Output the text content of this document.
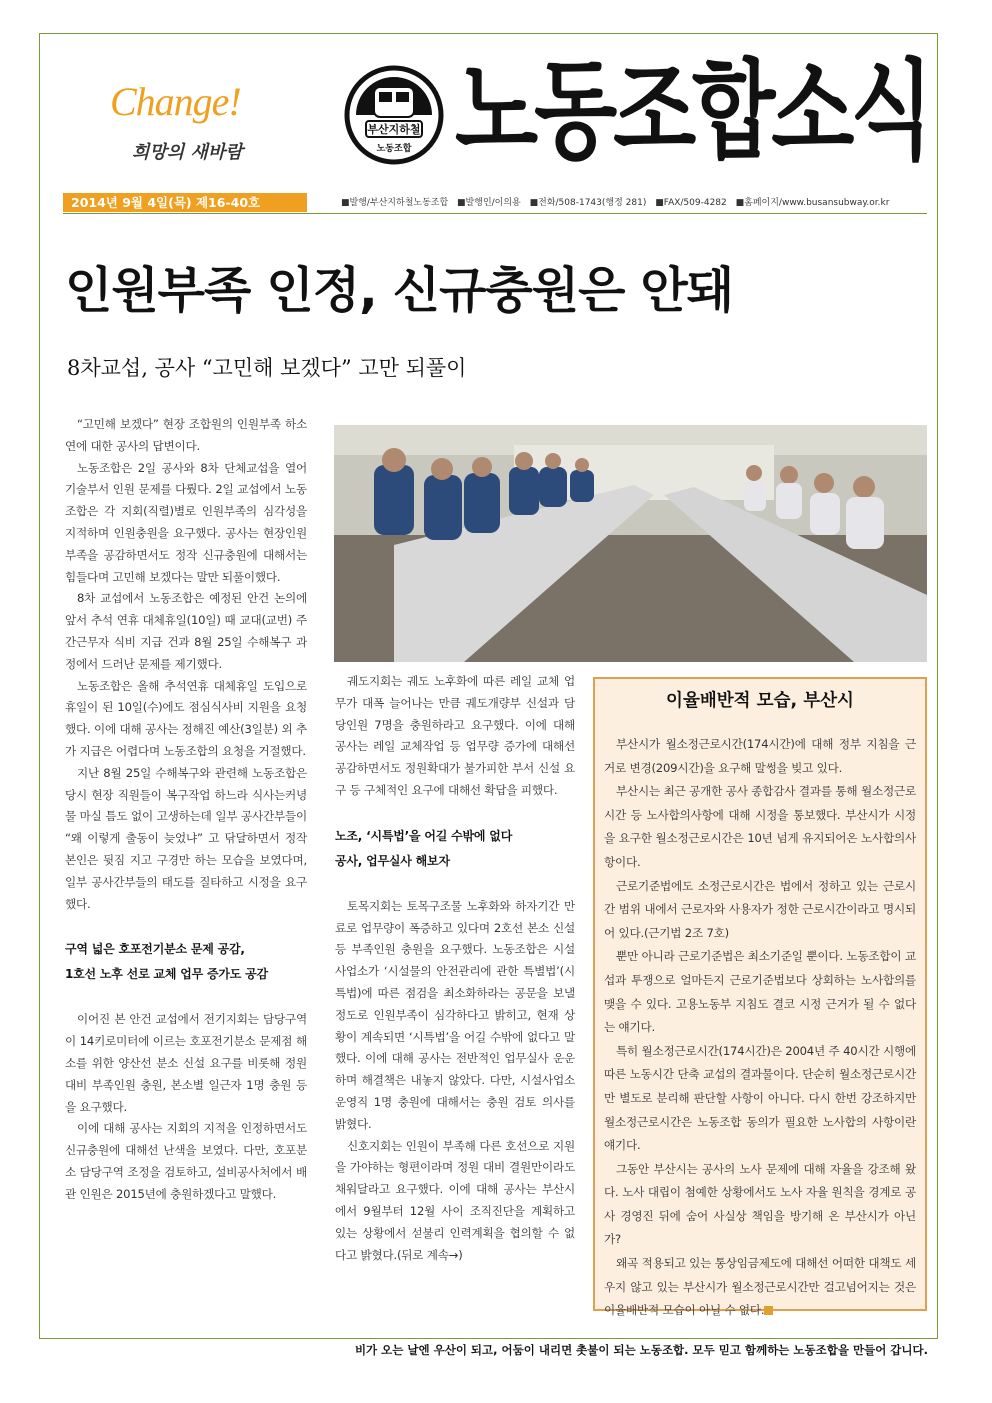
Change!
희망의 새바람
부산지하철
노동조합 노동조합소식
2014년 9월 4일(목) 제16-40호	■발행/부산지하철노동조합 ■발행인/이의용 ■전화/508-1743(행정 281) ■FAX/509-4282 ■홈페이지/www.busansubway.or.kr
인원부족 인정, 신규충원은 안돼
8차교섭, 공사 “고민해 보겠다” 고만 되풀이

“고민해 보겠다” 현장 조합원의 인원부족 하소연에 대한 공사의 답변이다.

노동조합은 2일 공사와 8차 단체교섭을 열어 기술부서 인원 문제를 다뤘다. 2일 교섭에서 노동조합은 각 지회(직렬)별로 인원부족의 심각성을 지적하며 인원충원을 요구했다. 공사는 현장인원부족을 공감하면서도 정작 신규충원에 대해서는 힘들다며 고민해 보겠다는 말만 되풀이했다.

8차 교섭에서 노동조합은 예정된 안건 논의에 앞서 추석 연휴 대체휴일(10일) 때 교대(교번) 주간근무자 식비 지급 건과 8월 25일 수해복구 과정에서 드러난 문제를 제기했다.

노동조합은 올해 추석연휴 대체휴일 도입으로 휴일이 된 10일(수)에도 점심식사비 지원을 요청했다. 이에 대해 공사는 정해진 예산(3일분) 외 추가 지급은 어렵다며 노동조합의 요청을 거절했다.

지난 8월 25일 수해복구와 관련해 노동조합은 당시 현장 직원들이 복구작업 하느라 식사는커녕 물 마실 틈도 없이 고생하는데 일부 공사간부들이 “왜 이렇게 출동이 늦었냐” 고 닦달하면서 정작 본인은 뒷짐 지고 구경만 하는 모습을 보였다며, 일부 공사간부들의 태도를 질타하고 시정을 요구했다.

구역 넓은 호포전기분소 문제 공감,
1호선 노후 선로 교체 업무 증가도 공감

이어진 본 안건 교섭에서 전기지회는 담당구역이 14키로미터에 이르는 호포전기분소 문제점 해소를 위한 양산선 분소 신설 요구를 비롯해 정원대비 부족인원 충원, 본소별 일근자 1명 충원 등을 요구했다.

이에 대해 공사는 지회의 지적을 인정하면서도 신규충원에 대해선 난색을 보였다. 다만, 호포분소 담당구역 조정을 검토하고, 설비공사처에서 배관 인원은 2015년에 충원하겠다고 말했다.

궤도지회는 궤도 노후화에 따른 레일 교체 업무가 대폭 늘어나는 만큼 궤도개량부 신설과 담당인원 7명을 충원하라고 요구했다. 이에 대해 공사는 레일 교체작업 등 업무량 증가에 대해선 공감하면서도 정원확대가 불가피한 부서 신설 요구 등 구체적인 요구에 대해선 확답을 피했다.

노조, ‘시특법’을 어길 수밖에 없다
공사, 업무실사 해보자

토목지회는 토목구조물 노후화와 하자기간 만료로 업무량이 폭증하고 있다며 2호선 본소 신설등 부족인원 충원을 요구했다. 노동조합은 시설사업소가 ‘시설물의 안전관리에 관한 특별법’(시특법)에 따른 점검을 최소화하라는 공문을 보낼 정도로 인원부족이 심각하다고 밝히고, 현재 상황이 계속되면 ‘시특법’을 어길 수밖에 없다고 말했다. 이에 대해 공사는 전반적인 업무실사 운운하며 해결책은 내놓지 않았다. 다만, 시설사업소 운영직 1명 충원에 대해서는 충원 검토 의사를 밝혔다.

신호지회는 인원이 부족해 다른 호선으로 지원을 가야하는 형편이라며 정원 대비 결원만이라도 채워달라고 요구했다. 이에 대해 공사는 부산시에서 9월부터 12월 사이 조직진단을 계획하고 있는 상황에서 섣불리 인력계획을 협의할 수 없다고 밝혔다.(뒤로 계속→)

이율배반적 모습, 부산시

부산시가 월소정근로시간(174시간)에 대해 정부 지침을 근거로 변경(209시간)을 요구해 말썽을 빚고 있다.

부산시는 최근 공개한 공사 종합감사 결과를 통해 월소정근로시간 등 노사합의사항에 대해 시정을 통보했다. 부산시가 시정을 요구한 월소정근로시간은 10년 넘게 유지되어온 노사합의사항이다.

근로기준법에도 소정근로시간은 법에서 정하고 있는 근로시간 범위 내에서 근로자와 사용자가 정한 근로시간이라고 명시되어 있다.(근기법 2조 7호)

뿐만 아니라 근로기준법은 최소기준일 뿐이다. 노동조합이 교섭과 투쟁으로 얼마든지 근로기준법보다 상회하는 노사합의를 맺을 수 있다. 고용노동부 지침도 결코 시정 근거가 될 수 없다는 얘기다.

특히 월소정근로시간(174시간)은 2004년 주 40시간 시행에 따른 노동시간 단축 교섭의 결과물이다. 단순히 월소정근로시간만 별도로 분리해 판단할 사항이 아니다. 다시 한번 강조하지만 월소정근로시간은 노동조합 동의가 필요한 노사합의 사항이란 얘기다.

그동안 부산시는 공사의 노사 문제에 대해 자율을 강조해 왔다. 노사 대립이 첨예한 상황에서도 노사 자율 원칙을 경계로 공사 경영진 뒤에 숨어 사실상 책임을 방기해 온 부산시가 아닌가?

왜곡 적용되고 있는 통상임금제도에 대해선 어떠한 대책도 세우지 않고 있는 부산시가 월소정근로시간만 걸고넘어지는 것은 이율배반적 모습이 아닐 수 없다.

비가 오는 날엔 우산이 되고, 어둠이 내리면 촛불이 되는 노동조합. 모두 믿고 함께하는 노동조합을 만들어 갑니다.
